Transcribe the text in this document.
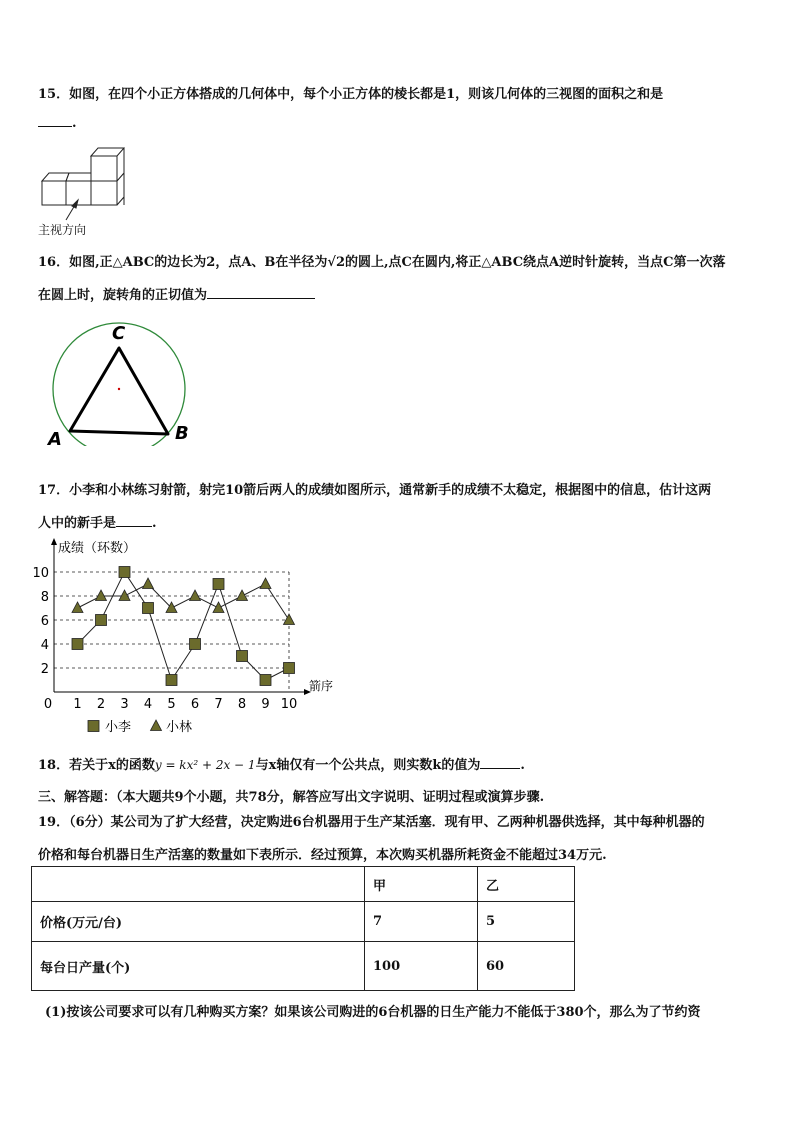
15．如图，在四个小正方体搭成的几何体中，每个小正方体的棱长都是1，则该几何体的三视图的面积之和是
.
主视方向
16．如图,正△ABC的边长为2，点A、B在半径为√2的圆上,点C在圆内,将正△ABC绕点A逆时针旋转，当点C第一次落
在圆上时，旋转角的正切值为
C
A	B
17．小李和小林练习射箭，射完10箭后两人的成绩如图所示，通常新手的成绩不太稳定，根据图中的信息，估计这两
人中的新手是	.
0 1 2 3 4 5 6 7 8 9 10
2
4
6
8
10
成绩（环数）
箭序
小李	小林
18．若关于x的函数y = kx² + 2x − 1与x轴仅有一个公共点，则实数k的值为	.
三、解答题：（本大题共9个小题，共78分，解答应写出文字说明、证明过程或演算步骤.
19．（6分）某公司为了扩大经营，决定购进6台机器用于生产某活塞．现有甲、乙两种机器供选择，其中每种机器的
价格和每台机器日生产活塞的数量如下表所示．经过预算，本次购买机器所耗资金不能超过34万元.
	甲	乙
价格(万元/台)	7	5
每台日产量(个)	100	60
(1)按该公司要求可以有几种购买方案？如果该公司购进的6台机器的日生产能力不能低于380个，那么为了节约资
